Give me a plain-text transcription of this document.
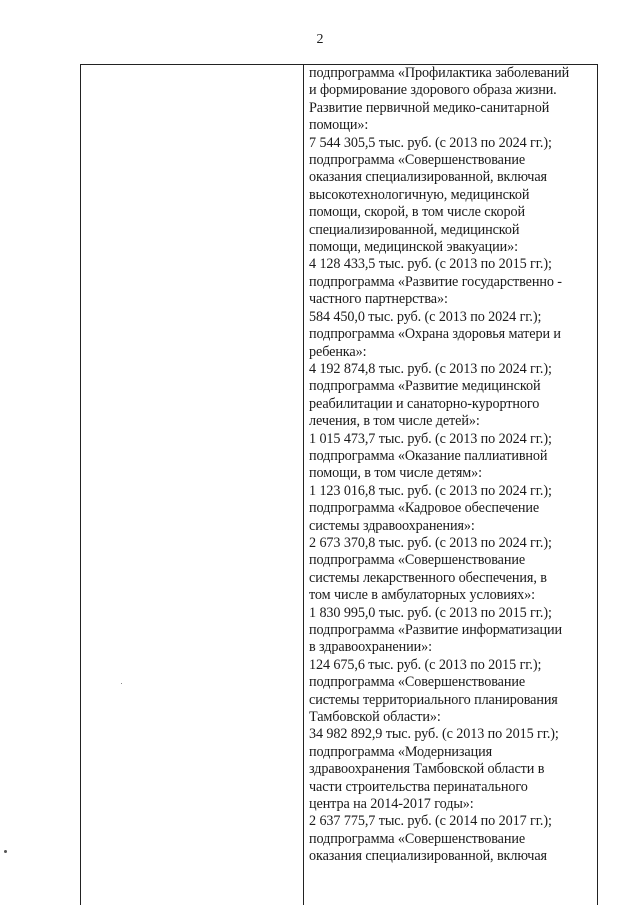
2
подпрограмма «Профилактика заболеваний
и формирование здорового образа жизни.
Развитие первичной медико-санитарной
помощи»:
7 544 305,5 тыс. руб. (с 2013 по 2024 гг.);
подпрограмма «Совершенствование
оказания специализированной, включая
высокотехнологичную, медицинской
помощи, скорой, в том числе скорой
специализированной, медицинской
помощи, медицинской эвакуации»:
4 128 433,5 тыс. руб. (с 2013 по 2015 гг.);
подпрограмма «Развитие государственно -
частного партнерства»:
584 450,0 тыс. руб. (с 2013 по 2024 гг.);
подпрограмма «Охрана здоровья матери и
ребенка»:
4 192 874,8 тыс. руб. (с 2013 по 2024 гг.);
подпрограмма «Развитие медицинской
реабилитации и санаторно-курортного
лечения, в том числе детей»:
1 015 473,7 тыс. руб. (с 2013 по 2024 гг.);
подпрограмма «Оказание паллиативной
помощи, в том числе детям»:
1 123 016,8 тыс. руб. (с 2013 по 2024 гг.);
подпрограмма «Кадровое обеспечение
системы здравоохранения»:
2 673 370,8 тыс. руб. (с 2013 по 2024 гг.);
подпрограмма «Совершенствование
системы лекарственного обеспечения, в
том числе в амбулаторных условиях»:
1 830 995,0 тыс. руб. (с 2013 по 2015 гг.);
подпрограмма «Развитие информатизации
в здравоохранении»:
124 675,6 тыс. руб. (с 2013 по 2015 гг.);
подпрограмма «Совершенствование
системы территориального планирования
Тамбовской области»:
34 982 892,9 тыс. руб. (с 2013 по 2015 гг.);
подпрограмма «Модернизация
здравоохранения Тамбовской области в
части строительства перинатального
центра на 2014-2017 годы»:
2 637 775,7 тыс. руб. (с 2014 по 2017 гг.);
подпрограмма «Совершенствование
оказания специализированной, включая
